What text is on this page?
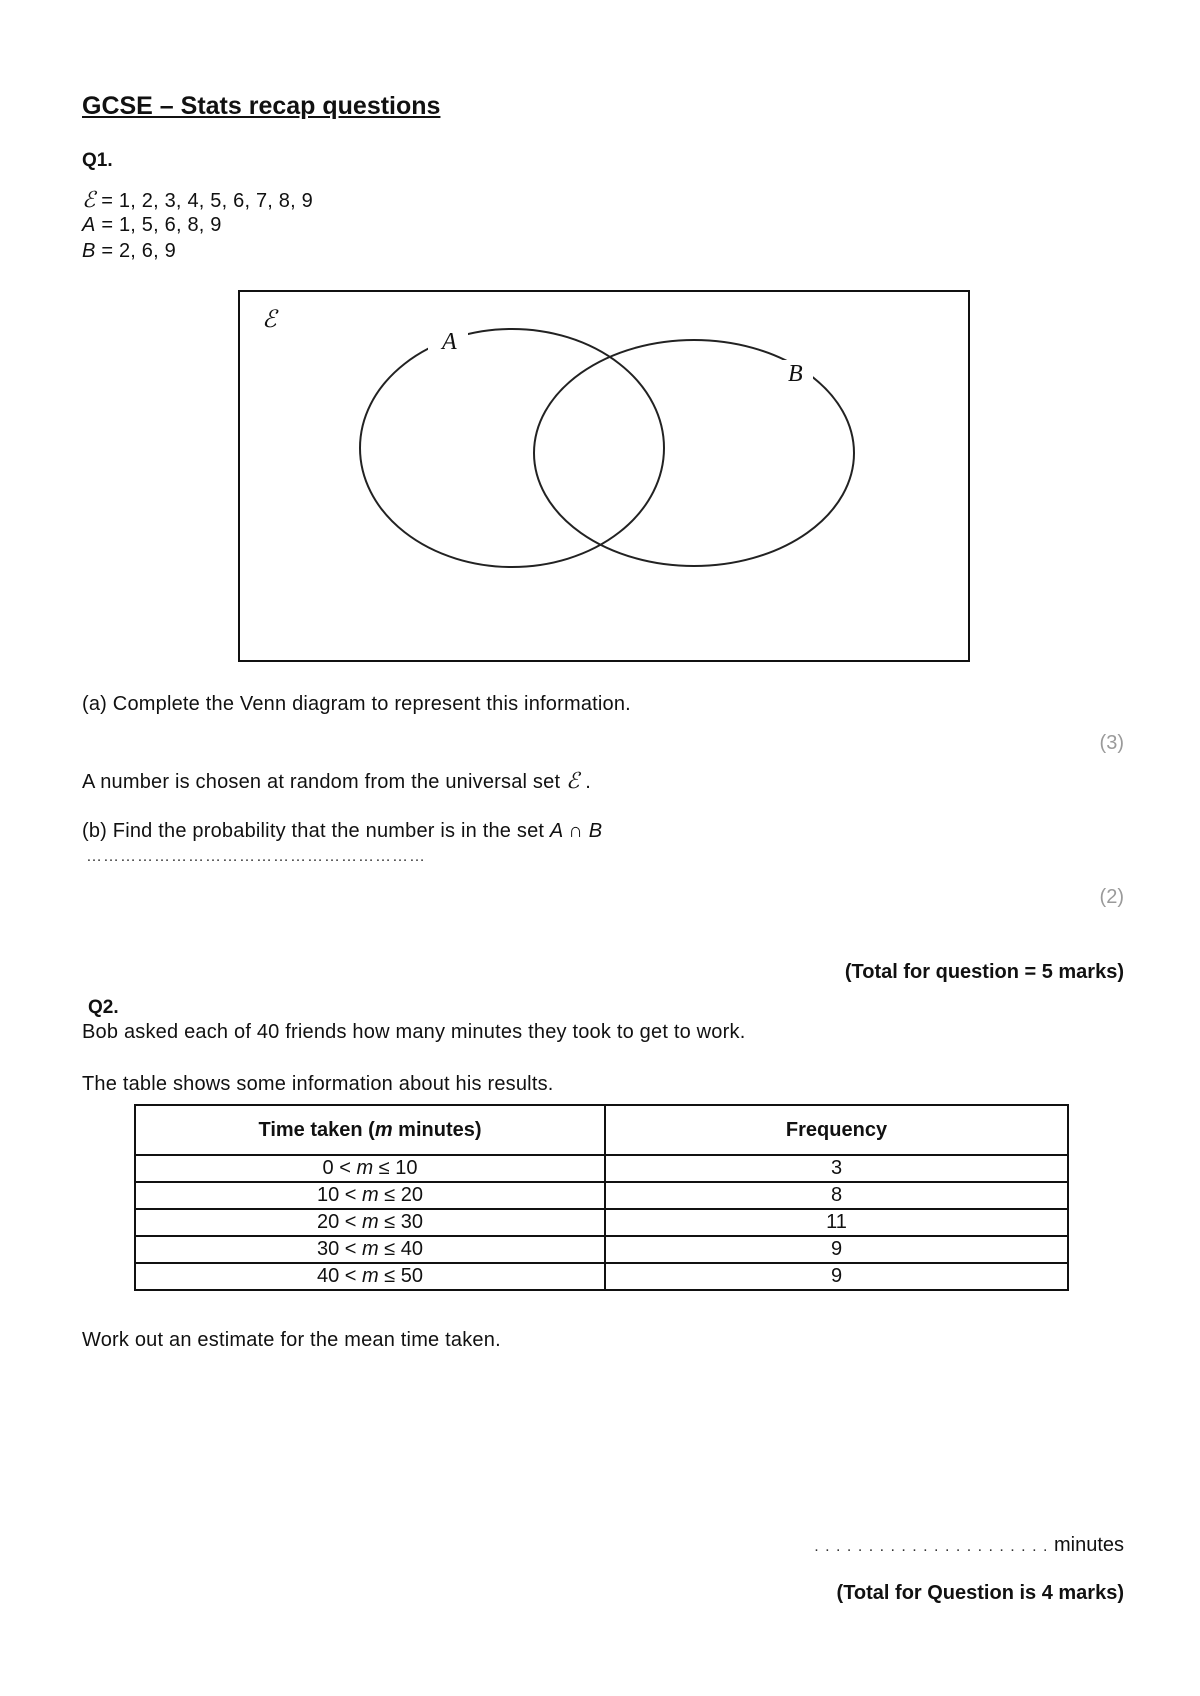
GCSE – Stats recap questions
Q1.
ℰ = 1, 2, 3, 4, 5, 6, 7, 8, 9
A = 1, 5, 6, 8, 9
B = 2, 6, 9
ℰ
A
B
(a) Complete the Venn diagram to represent this information.
(3)
A number is chosen at random from the universal set ℰ .
(b) Find the probability that the number is in the set A ∩ B
……………………………………………………
(2)
(Total for question = 5 marks)
Q2.
Bob asked each of 40 friends how many minutes they took to get to work.
The table shows some information about his results.
Time taken (m minutes)	Frequency
0 < m ≤ 10	3
10 < m ≤ 20	8
20 < m ≤ 30	11
30 < m ≤ 40	9
40 < m ≤ 50	9
Work out an estimate for the mean time taken.
. . . . . . . . . . . . . . . . . . . . . . minutes
(Total for Question is 4 marks)
